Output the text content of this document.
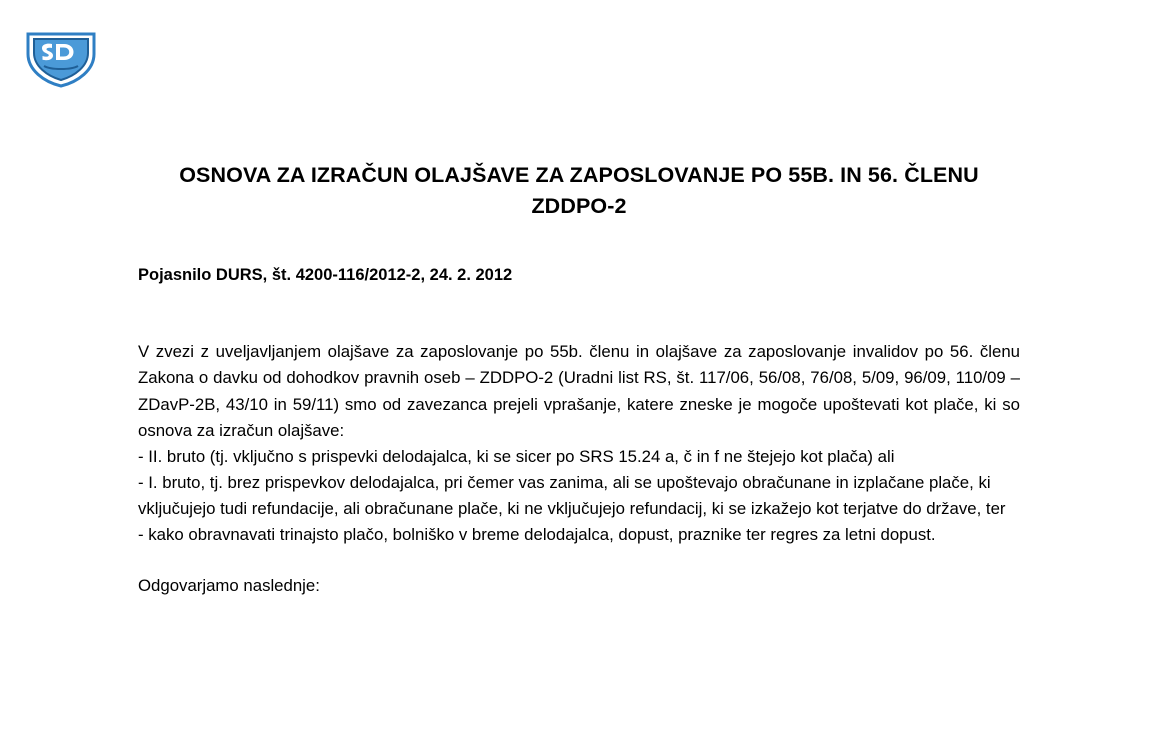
OSNOVA ZA IZRAČUN OLAJŠAVE ZA ZAPOSLOVANJE PO 55B. IN 56. ČLENU ZDDPO-2
Pojasnilo DURS, št. 4200-116/2012-2, 24. 2. 2012

V zvezi z uveljavljanjem olajšave za zaposlovanje po 55b. členu in olajšave za zaposlovanje invalidov po 56. členu Zakona o davku od dohodkov pravnih oseb – ZDDPO-2 (Uradni list RS, št. 117/06, 56/08, 76/08, 5/09, 96/09, 110/09 – ZDavP-2B, 43/10 in 59/11) smo od zavezanca prejeli vprašanje, katere zneske je mogoče upoštevati kot plače, ki so osnova za izračun olajšave:

- II. bruto (tj. vključno s prispevki delodajalca, ki se sicer po SRS 15.24 a, č in f ne štejejo kot plača) ali

- I. bruto, tj. brez prispevkov delodajalca, pri čemer vas zanima, ali se upoštevajo obračunane in izplačane plače, ki vključujejo tudi refundacije, ali obračunane plače, ki ne vključujejo refundacij, ki se izkažejo kot terjatve do države, ter

- kako obravnavati trinajsto plačo, bolniško v breme delodajalca, dopust, praznike ter regres za letni dopust.

Odgovarjamo naslednje:
